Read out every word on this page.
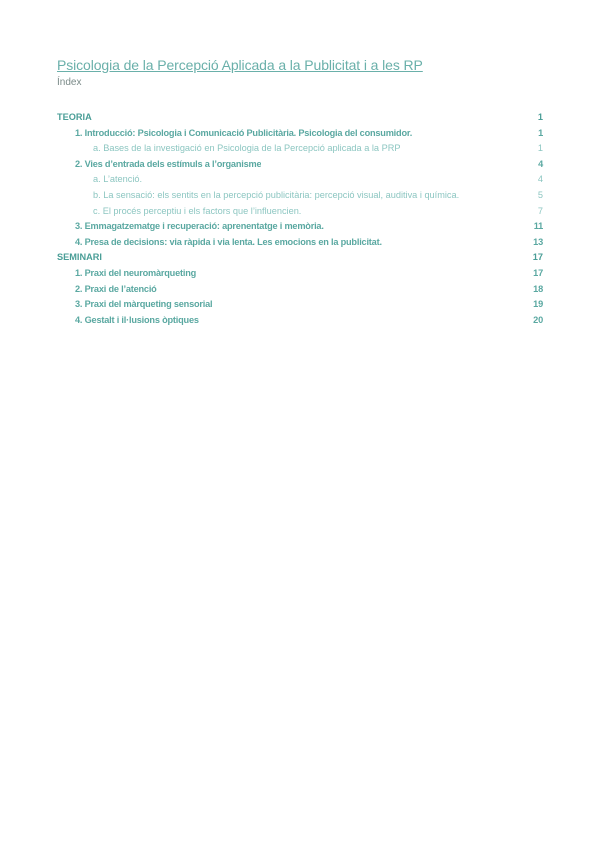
Psicologia de la Percepció Aplicada a la Publicitat i a les RP
Índex
TEORIA	1
1. Introducció: Psicologia i Comunicació Publicitària. Psicologia del consumidor.	1
a. Bases de la investigació en Psicologia de la Percepció aplicada a la PRP	1
2. Vies d’entrada dels estímuls a l’organisme	4
a. L’atenció.	4
b. La sensació: els sentits en la percepció publicitària: percepció visual, auditiva i química.	5
c. El procés perceptiu i els factors que l’influencien.	7
3. Emmagatzematge i recuperació: aprenentatge i memòria.	11
4. Presa de decisions: via ràpida i via lenta. Les emocions en la publicitat.	13
SEMINARI	17
1. Praxi del neuromàrqueting	17
2. Praxi de l’atenció	18
3. Praxi del màrqueting sensorial	19
4. Gestalt i il·lusions òptiques	20
